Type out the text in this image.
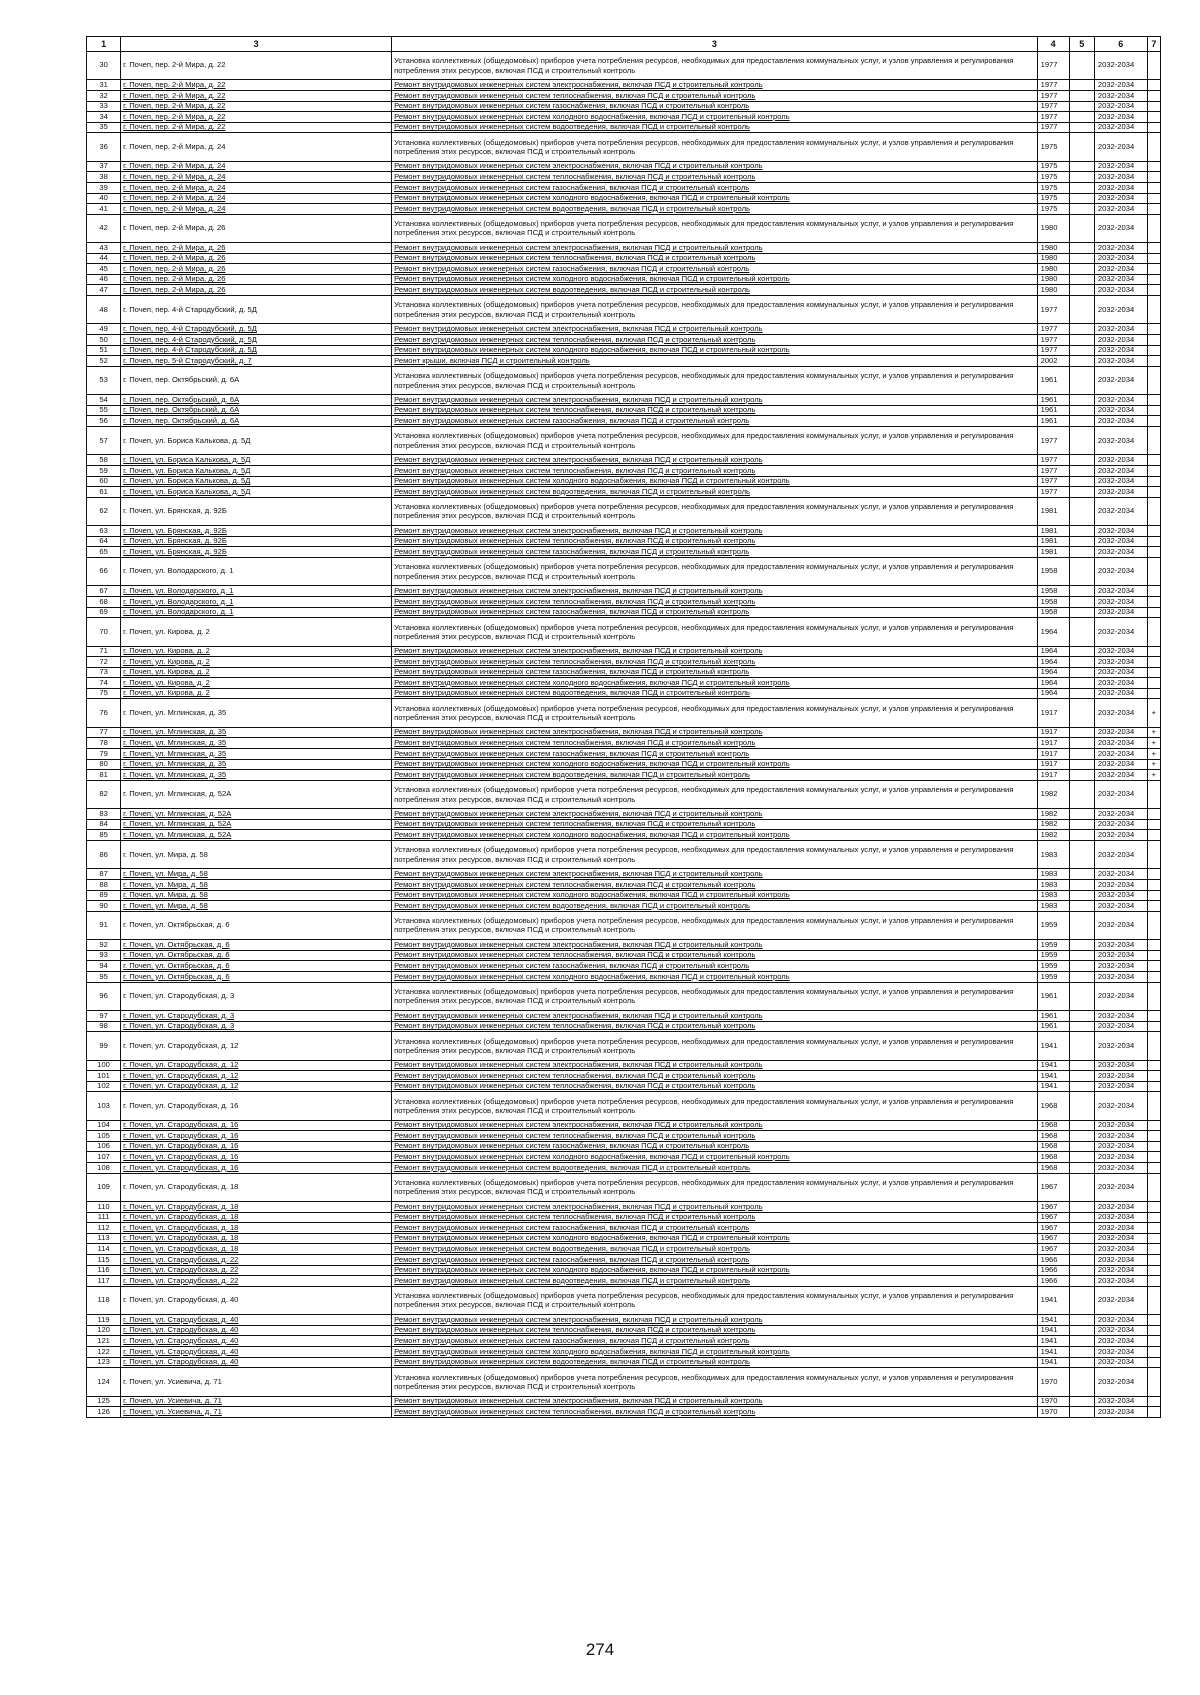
1	3	3	4	5	6	7
30	г. Почеп, пер. 2-й Мира, д. 22	Установка коллективных (общедомовых) приборов учета потребления ресурсов, необходимых для предоставления коммунальных услуг, и узлов управления и регулирования потребления этих ресурсов, включая ПСД и строительный контроль	1977		2032-2034	
31	г. Почеп, пер. 2-й Мира, д. 22	Ремонт внутридомовых инженерных систем электроснабжения, включая ПСД и строительный контроль	1977		2032-2034	
32	г. Почеп, пер. 2-й Мира, д. 22	Ремонт внутридомовых инженерных систем теплоснабжения, включая ПСД и строительный контроль	1977		2032-2034	
33	г. Почеп, пер. 2-й Мира, д. 22	Ремонт внутридомовых инженерных систем газоснабжения, включая ПСД и строительный контроль	1977		2032-2034	
34	г. Почеп, пер. 2-й Мира, д. 22	Ремонт внутридомовых инженерных систем холодного водоснабжения, включая ПСД и строительный контроль	1977		2032-2034	
35	г. Почеп, пер. 2-й Мира, д. 22	Ремонт внутридомовых инженерных систем водоотведения, включая ПСД и строительный контроль	1977		2032-2034	
36	г. Почеп, пер. 2-й Мира, д. 24	Установка коллективных (общедомовых) приборов учета потребления ресурсов, необходимых для предоставления коммунальных услуг, и узлов управления и регулирования потребления этих ресурсов, включая ПСД и строительный контроль	1975		2032-2034	
37	г. Почеп, пер. 2-й Мира, д. 24	Ремонт внутридомовых инженерных систем электроснабжения, включая ПСД и строительный контроль	1975		2032-2034	
38	г. Почеп, пер. 2-й Мира, д. 24	Ремонт внутридомовых инженерных систем теплоснабжения, включая ПСД и строительный контроль	1975		2032-2034	
39	г. Почеп, пер. 2-й Мира, д. 24	Ремонт внутридомовых инженерных систем газоснабжения, включая ПСД и строительный контроль	1975		2032-2034	
40	г. Почеп, пер. 2-й Мира, д. 24	Ремонт внутридомовых инженерных систем холодного водоснабжения, включая ПСД и строительный контроль	1975		2032-2034	
41	г. Почеп, пер. 2-й Мира, д. 24	Ремонт внутридомовых инженерных систем водоотведения, включая ПСД и строительный контроль	1975		2032-2034	
42	г. Почеп, пер. 2-й Мира, д. 26	Установка коллективных (общедомовых) приборов учета потребления ресурсов, необходимых для предоставления коммунальных услуг, и узлов управления и регулирования потребления этих ресурсов, включая ПСД и строительный контроль	1980		2032-2034	
43	г. Почеп, пер. 2-й Мира, д. 26	Ремонт внутридомовых инженерных систем электроснабжения, включая ПСД и строительный контроль	1980		2032-2034	
44	г. Почеп, пер. 2-й Мира, д. 26	Ремонт внутридомовых инженерных систем теплоснабжения, включая ПСД и строительный контроль	1980		2032-2034	
45	г. Почеп, пер. 2-й Мира, д. 26	Ремонт внутридомовых инженерных систем газоснабжения, включая ПСД и строительный контроль	1980		2032-2034	
46	г. Почеп, пер. 2-й Мира, д. 26	Ремонт внутридомовых инженерных систем холодного водоснабжения, включая ПСД и строительный контроль	1980		2032-2034	
47	г. Почеп, пер. 2-й Мира, д. 26	Ремонт внутридомовых инженерных систем водоотведения, включая ПСД и строительный контроль	1980		2032-2034	
48	г. Почеп, пер. 4-й Стародубский, д. 5Д	Установка коллективных (общедомовых) приборов учета потребления ресурсов, необходимых для предоставления коммунальных услуг, и узлов управления и регулирования потребления этих ресурсов, включая ПСД и строительный контроль	1977		2032-2034	
49	г. Почеп, пер. 4-й Стародубский, д. 5Д	Ремонт внутридомовых инженерных систем электроснабжения, включая ПСД и строительный контроль	1977		2032-2034	
50	г. Почеп, пер. 4-й Стародубский, д. 5Д	Ремонт внутридомовых инженерных систем теплоснабжения, включая ПСД и строительный контроль	1977		2032-2034	
51	г. Почеп, пер. 4-й Стародубский, д. 5Д	Ремонт внутридомовых инженерных систем холодного водоснабжения, включая ПСД и строительный контроль	1977		2032-2034	
52	г. Почеп, пер. 5-й Стародубский, д. 7	Ремонт крыши, включая ПСД и строительный контроль	2002		2032-2034	
53	г. Почеп, пер. Октябрьский, д. 6А	Установка коллективных (общедомовых) приборов учета потребления ресурсов, необходимых для предоставления коммунальных услуг, и узлов управления и регулирования потребления этих ресурсов, включая ПСД и строительный контроль	1961		2032-2034	
54	г. Почеп, пер. Октябрьский, д. 6А	Ремонт внутридомовых инженерных систем электроснабжения, включая ПСД и строительный контроль	1961		2032-2034	
55	г. Почеп, пер. Октябрьский, д. 6А	Ремонт внутридомовых инженерных систем теплоснабжения, включая ПСД и строительный контроль	1961		2032-2034	
56	г. Почеп, пер. Октябрьский, д. 6А	Ремонт внутридомовых инженерных систем газоснабжения, включая ПСД и строительный контроль	1961		2032-2034	
57	г. Почеп, ул. Бориса Калькова, д. 5Д	Установка коллективных (общедомовых) приборов учета потребления ресурсов, необходимых для предоставления коммунальных услуг, и узлов управления и регулирования потребления этих ресурсов, включая ПСД и строительный контроль	1977		2032-2034	
58	г. Почеп, ул. Бориса Калькова, д. 5Д	Ремонт внутридомовых инженерных систем электроснабжения, включая ПСД и строительный контроль	1977		2032-2034	
59	г. Почеп, ул. Бориса Калькова, д. 5Д	Ремонт внутридомовых инженерных систем теплоснабжения, включая ПСД и строительный контроль	1977		2032-2034	
60	г. Почеп, ул. Бориса Калькова, д. 5Д	Ремонт внутридомовых инженерных систем холодного водоснабжения, включая ПСД и строительный контроль	1977		2032-2034	
61	г. Почеп, ул. Бориса Калькова, д. 5Д	Ремонт внутридомовых инженерных систем водоотведения, включая ПСД и строительный контроль	1977		2032-2034	
62	г. Почеп, ул. Брянская, д. 92Б	Установка коллективных (общедомовых) приборов учета потребления ресурсов, необходимых для предоставления коммунальных услуг, и узлов управления и регулирования потребления этих ресурсов, включая ПСД и строительный контроль	1981		2032-2034	
63	г. Почеп, ул. Брянская, д. 92Б	Ремонт внутридомовых инженерных систем электроснабжения, включая ПСД и строительный контроль	1981		2032-2034	
64	г. Почеп, ул. Брянская, д. 92Б	Ремонт внутридомовых инженерных систем теплоснабжения, включая ПСД и строительный контроль	1981		2032-2034	
65	г. Почеп, ул. Брянская, д. 92Б	Ремонт внутридомовых инженерных систем газоснабжения, включая ПСД и строительный контроль	1981		2032-2034	
66	г. Почеп, ул. Володарского, д. 1	Установка коллективных (общедомовых) приборов учета потребления ресурсов, необходимых для предоставления коммунальных услуг, и узлов управления и регулирования потребления этих ресурсов, включая ПСД и строительный контроль	1958		2032-2034	
67	г. Почеп, ул. Володарского, д. 1	Ремонт внутридомовых инженерных систем электроснабжения, включая ПСД и строительный контроль	1958		2032-2034	
68	г. Почеп, ул. Володарского, д. 1	Ремонт внутридомовых инженерных систем теплоснабжения, включая ПСД и строительный контроль	1958		2032-2034	
69	г. Почеп, ул. Володарского, д. 1	Ремонт внутридомовых инженерных систем газоснабжения, включая ПСД и строительный контроль	1958		2032-2034	
70	г. Почеп, ул. Кирова, д. 2	Установка коллективных (общедомовых) приборов учета потребления ресурсов, необходимых для предоставления коммунальных услуг, и узлов управления и регулирования потребления этих ресурсов, включая ПСД и строительный контроль	1964		2032-2034	
71	г. Почеп, ул. Кирова, д. 2	Ремонт внутридомовых инженерных систем электроснабжения, включая ПСД и строительный контроль	1964		2032-2034	
72	г. Почеп, ул. Кирова, д. 2	Ремонт внутридомовых инженерных систем теплоснабжения, включая ПСД и строительный контроль	1964		2032-2034	
73	г. Почеп, ул. Кирова, д. 2	Ремонт внутридомовых инженерных систем газоснабжения, включая ПСД и строительный контроль	1964		2032-2034	
74	г. Почеп, ул. Кирова, д. 2	Ремонт внутридомовых инженерных систем холодного водоснабжения, включая ПСД и строительный контроль	1964		2032-2034	
75	г. Почеп, ул. Кирова, д. 2	Ремонт внутридомовых инженерных систем водоотведения, включая ПСД и строительный контроль	1964		2032-2034	
76	г. Почеп, ул. Мглинская, д. 35	Установка коллективных (общедомовых) приборов учета потребления ресурсов, необходимых для предоставления коммунальных услуг, и узлов управления и регулирования потребления этих ресурсов, включая ПСД и строительный контроль	1917		2032-2034	+
77	г. Почеп, ул. Мглинская, д. 35	Ремонт внутридомовых инженерных систем электроснабжения, включая ПСД и строительный контроль	1917		2032-2034	+
78	г. Почеп, ул. Мглинская, д. 35	Ремонт внутридомовых инженерных систем теплоснабжения, включая ПСД и строительный контроль	1917		2032-2034	+
79	г. Почеп, ул. Мглинская, д. 35	Ремонт внутридомовых инженерных систем газоснабжения, включая ПСД и строительный контроль	1917		2032-2034	+
80	г. Почеп, ул. Мглинская, д. 35	Ремонт внутридомовых инженерных систем холодного водоснабжения, включая ПСД и строительный контроль	1917		2032-2034	+
81	г. Почеп, ул. Мглинская, д. 35	Ремонт внутридомовых инженерных систем водоотведения, включая ПСД и строительный контроль	1917		2032-2034	+
82	г. Почеп, ул. Мглинская, д. 52А	Установка коллективных (общедомовых) приборов учета потребления ресурсов, необходимых для предоставления коммунальных услуг, и узлов управления и регулирования потребления этих ресурсов, включая ПСД и строительный контроль	1982		2032-2034	
83	г. Почеп, ул. Мглинская, д. 52А	Ремонт внутридомовых инженерных систем электроснабжения, включая ПСД и строительный контроль	1982		2032-2034	
84	г. Почеп, ул. Мглинская, д. 52А	Ремонт внутридомовых инженерных систем теплоснабжения, включая ПСД и строительный контроль	1982		2032-2034	
85	г. Почеп, ул. Мглинская, д. 52А	Ремонт внутридомовых инженерных систем холодного водоснабжения, включая ПСД и строительный контроль	1982		2032-2034	
86	г. Почеп, ул. Мира, д. 58	Установка коллективных (общедомовых) приборов учета потребления ресурсов, необходимых для предоставления коммунальных услуг, и узлов управления и регулирования потребления этих ресурсов, включая ПСД и строительный контроль	1983		2032-2034	
87	г. Почеп, ул. Мира, д. 58	Ремонт внутридомовых инженерных систем электроснабжения, включая ПСД и строительный контроль	1983		2032-2034	
88	г. Почеп, ул. Мира, д. 58	Ремонт внутридомовых инженерных систем теплоснабжения, включая ПСД и строительный контроль	1983		2032-2034	
89	г. Почеп, ул. Мира, д. 58	Ремонт внутридомовых инженерных систем холодного водоснабжения, включая ПСД и строительный контроль	1983		2032-2034	
90	г. Почеп, ул. Мира, д. 58	Ремонт внутридомовых инженерных систем водоотведения, включая ПСД и строительный контроль	1983		2032-2034	
91	г. Почеп, ул. Октябрьская, д. 6	Установка коллективных (общедомовых) приборов учета потребления ресурсов, необходимых для предоставления коммунальных услуг, и узлов управления и регулирования потребления этих ресурсов, включая ПСД и строительный контроль	1959		2032-2034	
92	г. Почеп, ул. Октябрьская, д. 6	Ремонт внутридомовых инженерных систем электроснабжения, включая ПСД и строительный контроль	1959		2032-2034	
93	г. Почеп, ул. Октябрьская, д. 6	Ремонт внутридомовых инженерных систем теплоснабжения, включая ПСД и строительный контроль	1959		2032-2034	
94	г. Почеп, ул. Октябрьская, д. 6	Ремонт внутридомовых инженерных систем газоснабжения, включая ПСД и строительный контроль	1959		2032-2034	
95	г. Почеп, ул. Октябрьская, д. 6	Ремонт внутридомовых инженерных систем холодного водоснабжения, включая ПСД и строительный контроль	1959		2032-2034	
96	г. Почеп, ул. Стародубская, д. 3	Установка коллективных (общедомовых) приборов учета потребления ресурсов, необходимых для предоставления коммунальных услуг, и узлов управления и регулирования потребления этих ресурсов, включая ПСД и строительный контроль	1961		2032-2034	
97	г. Почеп, ул. Стародубская, д. 3	Ремонт внутридомовых инженерных систем электроснабжения, включая ПСД и строительный контроль	1961		2032-2034	
98	г. Почеп, ул. Стародубская, д. 3	Ремонт внутридомовых инженерных систем теплоснабжения, включая ПСД и строительный контроль	1961		2032-2034	
99	г. Почеп, ул. Стародубская, д. 12	Установка коллективных (общедомовых) приборов учета потребления ресурсов, необходимых для предоставления коммунальных услуг, и узлов управления и регулирования потребления этих ресурсов, включая ПСД и строительный контроль	1941		2032-2034	
100	г. Почеп, ул. Стародубская, д. 12	Ремонт внутридомовых инженерных систем электроснабжения, включая ПСД и строительный контроль	1941		2032-2034	
101	г. Почеп, ул. Стародубская, д. 12	Ремонт внутридомовых инженерных систем теплоснабжения, включая ПСД и строительный контроль	1941		2032-2034	
102	г. Почеп, ул. Стародубская, д. 12	Ремонт внутридомовых инженерных систем теплоснабжения, включая ПСД и строительный контроль	1941		2032-2034	
103	г. Почеп, ул. Стародубская, д. 16	Установка коллективных (общедомовых) приборов учета потребления ресурсов, необходимых для предоставления коммунальных услуг, и узлов управления и регулирования потребления этих ресурсов, включая ПСД и строительный контроль	1968		2032-2034	
104	г. Почеп, ул. Стародубская, д. 16	Ремонт внутридомовых инженерных систем электроснабжения, включая ПСД и строительный контроль	1968		2032-2034	
105	г. Почеп, ул. Стародубская, д. 16	Ремонт внутридомовых инженерных систем теплоснабжения, включая ПСД и строительный контроль	1968		2032-2034	
106	г. Почеп, ул. Стародубская, д. 16	Ремонт внутридомовых инженерных систем газоснабжения, включая ПСД и строительный контроль	1968		2032-2034	
107	г. Почеп, ул. Стародубская, д. 16	Ремонт внутридомовых инженерных систем холодного водоснабжения, включая ПСД и строительный контроль	1968		2032-2034	
108	г. Почеп, ул. Стародубская, д. 16	Ремонт внутридомовых инженерных систем водоотведения, включая ПСД и строительный контроль	1968		2032-2034	
109	г. Почеп, ул. Стародубская, д. 18	Установка коллективных (общедомовых) приборов учета потребления ресурсов, необходимых для предоставления коммунальных услуг, и узлов управления и регулирования потребления этих ресурсов, включая ПСД и строительный контроль	1967		2032-2034	
110	г. Почеп, ул. Стародубская, д. 18	Ремонт внутридомовых инженерных систем электроснабжения, включая ПСД и строительный контроль	1967		2032-2034	
111	г. Почеп, ул. Стародубская, д. 18	Ремонт внутридомовых инженерных систем теплоснабжения, включая ПСД и строительный контроль	1967		2032-2034	
112	г. Почеп, ул. Стародубская, д. 18	Ремонт внутридомовых инженерных систем газоснабжения, включая ПСД и строительный контроль	1967		2032-2034	
113	г. Почеп, ул. Стародубская, д. 18	Ремонт внутридомовых инженерных систем холодного водоснабжения, включая ПСД и строительный контроль	1967		2032-2034	
114	г. Почеп, ул. Стародубская, д. 18	Ремонт внутридомовых инженерных систем водоотведения, включая ПСД и строительный контроль	1967		2032-2034	
115	г. Почеп, ул. Стародубская, д. 22	Ремонт внутридомовых инженерных систем газоснабжения, включая ПСД и строительный контроль	1966		2032-2034	
116	г. Почеп, ул. Стародубская, д. 22	Ремонт внутридомовых инженерных систем холодного водоснабжения, включая ПСД и строительный контроль	1966		2032-2034	
117	г. Почеп, ул. Стародубская, д. 22	Ремонт внутридомовых инженерных систем водоотведения, включая ПСД и строительный контроль	1966		2032-2034	
118	г. Почеп, ул. Стародубская, д. 40	Установка коллективных (общедомовых) приборов учета потребления ресурсов, необходимых для предоставления коммунальных услуг, и узлов управления и регулирования потребления этих ресурсов, включая ПСД и строительный контроль	1941		2032-2034	
119	г. Почеп, ул. Стародубская, д. 40	Ремонт внутридомовых инженерных систем электроснабжения, включая ПСД и строительный контроль	1941		2032-2034	
120	г. Почеп, ул. Стародубская, д. 40	Ремонт внутридомовых инженерных систем теплоснабжения, включая ПСД и строительный контроль	1941		2032-2034	
121	г. Почеп, ул. Стародубская, д. 40	Ремонт внутридомовых инженерных систем газоснабжения, включая ПСД и строительный контроль	1941		2032-2034	
122	г. Почеп, ул. Стародубская, д. 40	Ремонт внутридомовых инженерных систем холодного водоснабжения, включая ПСД и строительный контроль	1941		2032-2034	
123	г. Почеп, ул. Стародубская, д. 40	Ремонт внутридомовых инженерных систем водоотведения, включая ПСД и строительный контроль	1941		2032-2034	
124	г. Почеп, ул. Усиевича, д. 71	Установка коллективных (общедомовых) приборов учета потребления ресурсов, необходимых для предоставления коммунальных услуг, и узлов управления и регулирования потребления этих ресурсов, включая ПСД и строительный контроль	1970		2032-2034	
125	г. Почеп, ул. Усиевича, д. 71	Ремонт внутридомовых инженерных систем электроснабжения, включая ПСД и строительный контроль	1970		2032-2034	
126	г. Почеп, ул. Усиевича, д. 71	Ремонт внутридомовых инженерных систем теплоснабжения, включая ПСД и строительный контроль	1970		2032-2034	
274
